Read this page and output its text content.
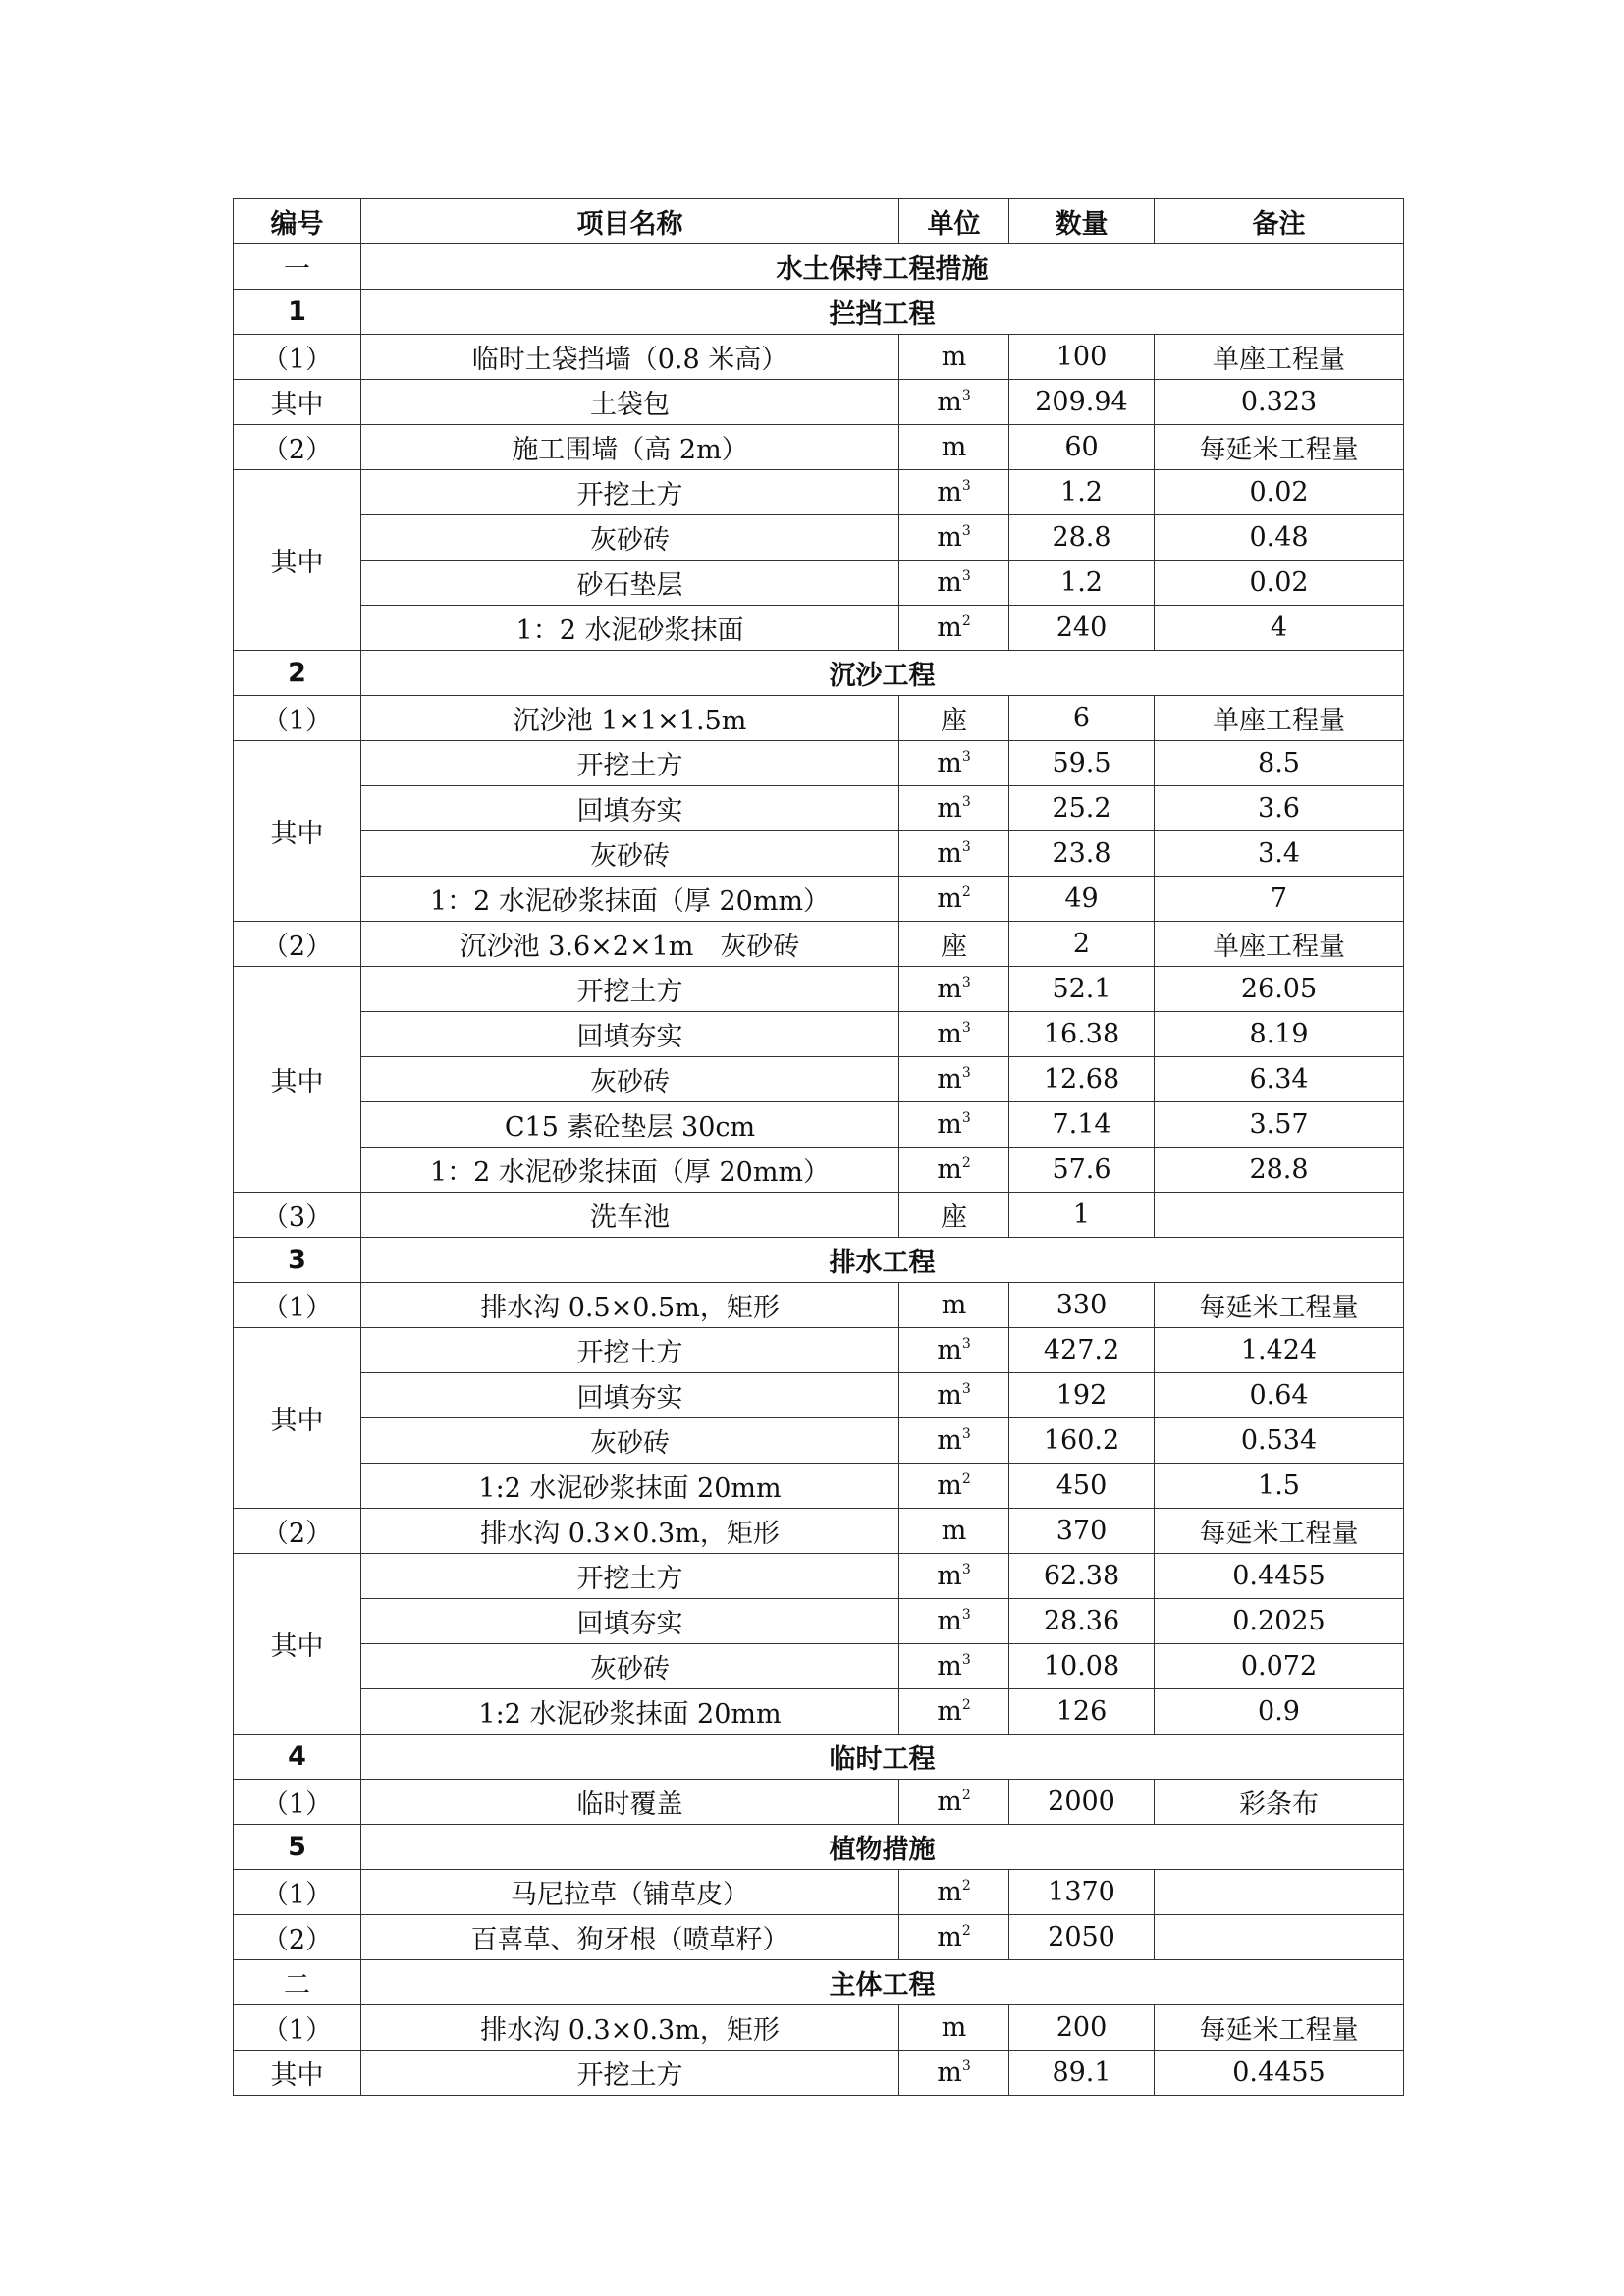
编号	项目名称	单位	数量	备注
一	水土保持工程措施			
1	拦挡工程			
（1）	临时土袋挡墙（0.8 米高）	m	100	单座工程量
其中	土袋包	$m^3$	209.94	0.323
（2）	施工围墙（高 2m）	m	60	每延米工程量
其中	开挖土方	$m^3$	1.2	0.02
	灰砂砖	$m^3$	28.8	0.48
	砂石垫层	$m^3$	1.2	0.02
	1：2 水泥砂浆抹面	$m^2$	240	4
2	沉沙工程			
（1）	沉沙池 1×1×1.5m	座	6	单座工程量
其中	开挖土方	$m^3$	59.5	8.5
	回填夯实	$m^3$	25.2	3.6
	灰砂砖	$m^3$	23.8	3.4
	1：2 水泥砂浆抹面（厚 20mm）	$m^2$	49	7
（2）	沉沙池 3.6×2×1m　灰砂砖	座	2	单座工程量
其中	开挖土方	$m^3$	52.1	26.05
	回填夯实	$m^3$	16.38	8.19
	灰砂砖	$m^3$	12.68	6.34
	C15 素砼垫层 30cm	$m^3$	7.14	3.57
	1：2 水泥砂浆抹面（厚 20mm）	$m^2$	57.6	28.8
（3）	洗车池	座	1	
3	排水工程			
（1）	排水沟 0.5×0.5m，矩形	m	330	每延米工程量
其中	开挖土方	$m^3$	427.2	1.424
	回填夯实	$m^3$	192	0.64
	灰砂砖	$m^3$	160.2	0.534
	1:2 水泥砂浆抹面 20mm	$m^2$	450	1.5
（2）	排水沟 0.3×0.3m，矩形	m	370	每延米工程量
其中	开挖土方	$m^3$	62.38	0.4455
	回填夯实	$m^3$	28.36	0.2025
	灰砂砖	$m^3$	10.08	0.072
	1:2 水泥砂浆抹面 20mm	$m^2$	126	0.9
4	临时工程			
（1）	临时覆盖	$m^2$	2000	彩条布
5	植物措施			
（1）	马尼拉草（铺草皮）	$m^2$	1370	
（2）	百喜草、狗牙根（喷草籽）	$m^2$	2050	
二	主体工程			
（1）	排水沟 0.3×0.3m，矩形	m	200	每延米工程量
其中	开挖土方	$m^3$	89.1	0.4455
